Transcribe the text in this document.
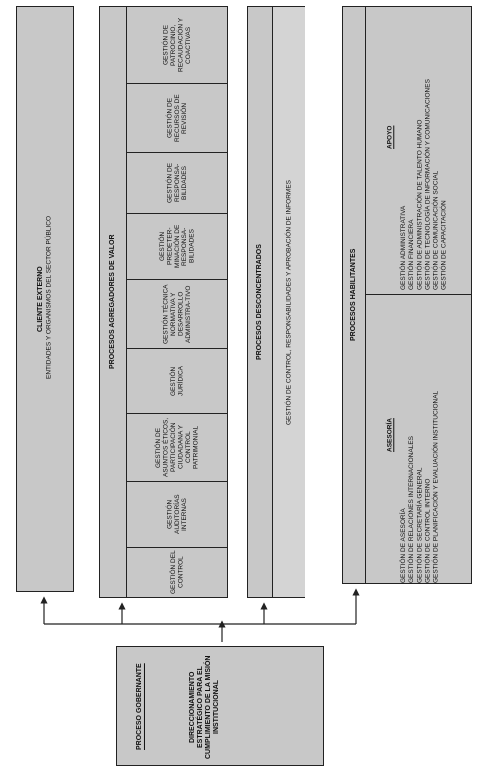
CLIENTE EXTERNO ENTIDADES Y ORGANISMOS DEL SECTOR PÚBLICO	PROCESOS AGREGADORES DE VALOR
GESTIÓN DEL CONTROL
GESTIÓN AUDITORÍAS INTERNAS
GESTIÓN DE ASUNTOS ÉTICOS, PARTICIPACIÓN CIUDADANA Y CONTROL PATRIMONIAL
GESTIÓN JURÍDICA
GESTIÓN TÉCNICA NORMATIVA Y DESARROLLO ADMINISTRA-TIVO
GESTIÓN PREDETER-MINACIÓN DE RESPONSA-BILIDADES
GESTIÓN DE RESPONSA-BILIDADES
GESTIÓN DE RECURSOS DE REVISIÓN
GESTIÓN DE PATROCINIO, RECAUDACIÓN Y COACTIVAS
PROCESOS DESCONCENTRADOS	GESTIÓN DE CONTROL, RESPONSABILIDADES Y APROBACIÓN DE INFORMES	PROCESOS HABILITANTES
APOYO
GESTIÓN ADMINISTRATIVA GESTIÓN FINANCIERA GESTIÓN DE ADMINISTRACIÓN DE TALENTO HUMANO GESTIÓN DE TECNOLOGÍA DE INFORMACIÓN Y COMUNICACIONES GESTIÓN DE COMUNICACIÓN SOCIAL GESTIÓN DE CAPACITACIÓN
ASESORÍA
GESTIÓN DE ASESORÍA GESTIÓN DE RELACIONES INTERNACIONALES GESTIÓN DE SECRETARÍA GENERAL GESTIÓN DE CONTROL INTERNO GESTIÓN DE PLANIFICACIÓN Y EVALUACIÓN INSTITUCIONAL
PROCESO GOBERNANTE	DIRECCIONAMIENTO ESTRATÉGICO PARA EL CUMPLIMIENTO DE LA MISIÓN INSTITUCIONAL
